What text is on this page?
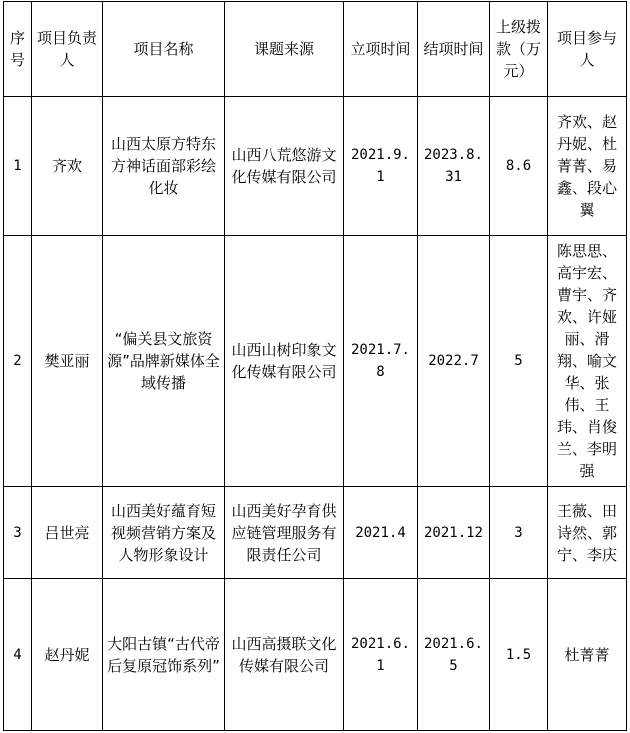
序号	项目负责人	项目名称	课题来源	立项时间	结项时间	上级拨款（万元）	项目参与人
1	齐欢	山西太原方特东方神话面部彩绘化妆	山西八荒悠游文化传媒有限公司	2021.9.1	2023.8.31	8.6	齐欢、赵丹妮、杜菁菁、易鑫、段心翼
2	樊亚丽	“偏关县文旅资源”品牌新媒体全域传播	山西山树印象文化传媒有限公司	2021.7.8	2022.7	5	陈思思、高宇宏、曹宇、齐欢、许娅丽、滑翔、喻文华、张伟、王玮、肖俊兰、李明强
3	吕世亮	山西美好蕴育短视频营销方案及人物形象设计	山西美好孕育供应链管理服务有限责任公司	2021.4	2021.12	3	王薇、田诗然、郭宁、李庆
4	赵丹妮	大阳古镇“古代帝后复原冠饰系列”	山西高摄联文化传媒有限公司	2021.6.1	2021.6.5	1.5	杜菁菁
